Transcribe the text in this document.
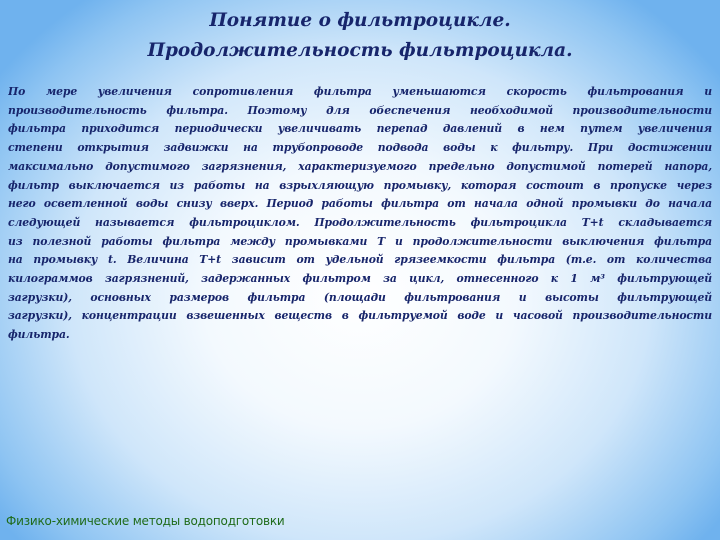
Понятие о фильтроцикле.
Продолжительность фильтроцикла.
По мере увеличения сопротивления фильтра уменьшаются скорость фильтрования и
производительность фильтра. Поэтому для обеспечения необходимой производительности
фильтра приходится периодически увеличивать перепад давлений в нем путем увеличения
степени открытия задвижки на трубопроводе подвода воды к фильтру. При достижении
максимально допустимого загрязнения, характеризуемого предельно допустимой потерей напора,
фильтр выключается из работы на взрыхляющую промывку, которая состоит в пропуске через
него осветленной воды снизу вверх. Период работы фильтра от начала одной промывки до начала
следующей называется фильтроциклом. Продолжительность фильтроцикла T+t складывается
из полезной работы фильтра между промывками T и продолжительности выключения фильтра
на промывку t. Величина T+t зависит от удельной грязеемкости фильтра (т.е. от количества
килограммов загрязнений, задержанных фильтром за цикл, отнесенного к 1 м³ фильтрующей
загрузки), основных размеров фильтра (площади фильтрования и высоты фильтрующей
загрузки), концентрации взвешенных веществ в фильтруемой воде и часовой производительности
фильтра.
Физико-химические методы водоподготовки
